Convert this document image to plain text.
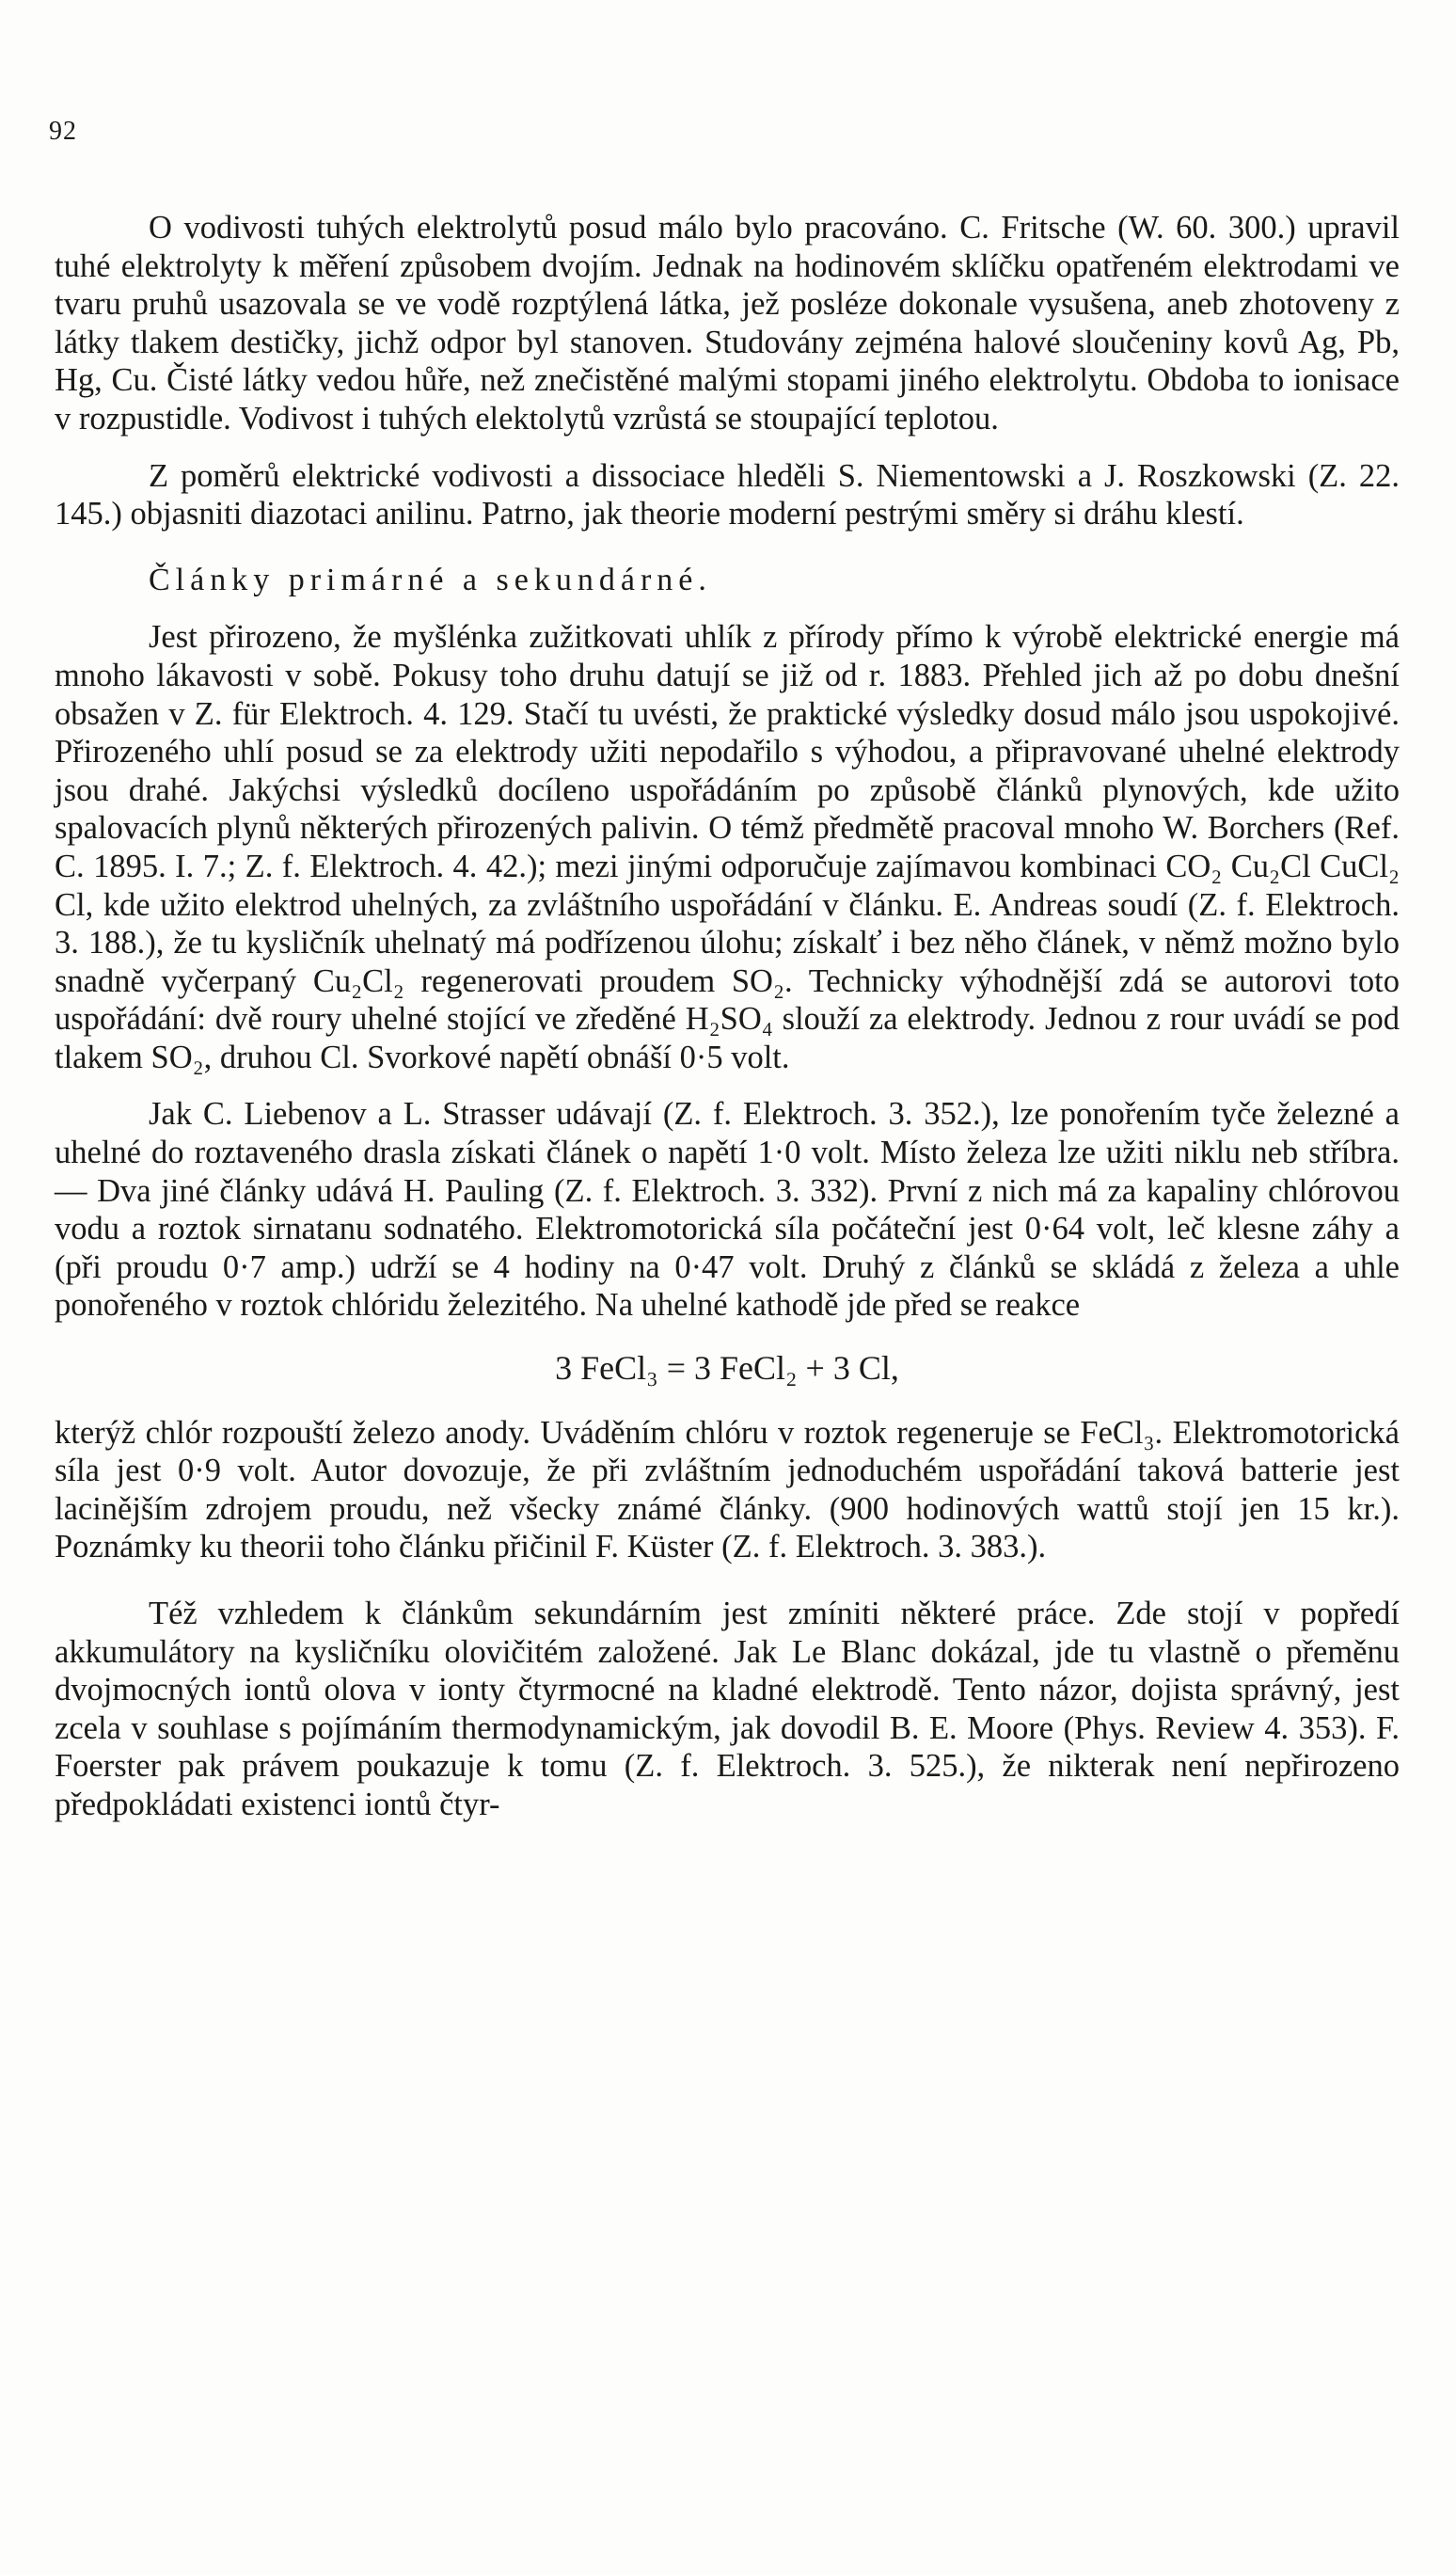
92

O vodivosti tuhých elektrolytů posud málo bylo pracováno. C. Fritsche (W. 60. 300.) upravil tuhé elektrolyty k měření způsobem dvojím. Jednak na hodinovém sklíčku opatřeném elektrodami ve tvaru pruhů usazovala se ve vodě rozptýlená látka, jež posléze dokonale vysušena, aneb zhotoveny z látky tlakem destičky, jichž odpor byl stanoven. Studovány zejména halové sloučeniny kovů Ag, Pb, Hg, Cu. Čisté látky vedou hůře, než znečistěné malými stopami jiného elektrolytu. Obdoba to ionisace v rozpustidle. Vodivost i tuhých elektolytů vzrůstá se stoupající teplotou.

Z poměrů elektrické vodivosti a dissociace hleděli S. Niementowski a J. Roszkowski (Z. 22. 145.) objasniti diazotaci anilinu. Patrno, jak theorie moderní pestrými směry si dráhu klestí.

Články primárné a sekundárné.

Jest přirozeno, že myšlénka zužitkovati uhlík z přírody přímo k výrobě elektrické energie má mnoho lákavosti v sobě. Pokusy toho druhu datují se již od r. 1883. Přehled jich až po dobu dnešní obsažen v Z. für Elektroch. 4. 129. Stačí tu uvésti, že praktické výsledky dosud málo jsou uspokojivé. Přirozeného uhlí posud se za elektrody užiti nepodařilo s výhodou, a připravované uhelné elektrody jsou drahé. Jakýchsi výsledků docíleno uspořádáním po způsobě článků plynových, kde užito spalovacích plynů některých přirozených palivin. O témž předmětě pracoval mnoho W. Borchers (Ref. C. 1895. I. 7.; Z. f. Elektroch. 4. 42.); mezi jinými odporučuje zajímavou kombinaci CO₂ Cu₂Cl CuCl₂ Cl, kde užito elektrod uhelných, za zvláštního uspořádání v článku. E. Andreas soudí (Z. f. Elektroch. 3. 188.), že tu kysličník uhelnatý má podřízenou úlohu; získalť i bez něho článek, v němž možno bylo snadně vyčerpaný Cu₂Cl₂ regenerovati proudem SO₂. Technicky výhodnější zdá se autorovi toto uspořádání: dvě roury uhelné stojící ve zředěné H₂SO₄ slouží za elektrody. Jednou z rour uvádí se pod tlakem SO₂, druhou Cl. Svorkové napětí obnáší 0·5 volt.

Jak C. Liebenov a L. Strasser udávají (Z. f. Elektroch. 3. 352.), lze ponořením tyče železné a uhelné do roztaveného drasla získati článek o napětí 1·0 volt. Místo železa lze užiti niklu neb stříbra. — Dva jiné články udává H. Pauling (Z. f. Elektroch. 3. 332). První z nich má za kapaliny chlórovou vodu a roztok sirnatanu sodnatého. Elektromotorická síla počáteční jest 0·64 volt, leč klesne záhy a (při proudu 0·7 amp.) udrží se 4 hodiny na 0·47 volt. Druhý z článků se skládá z železa a uhle ponořeného v roztok chlóridu železitého. Na uhelné kathodě jde před se reakce

3 FeCl₃ = 3 FeCl₂ + 3 Cl,

kterýž chlór rozpouští železo anody. Uváděním chlóru v roztok regeneruje se FeCl₃. Elektromotorická síla jest 0·9 volt. Autor dovozuje, že při zvláštním jednoduchém uspořádání taková batterie jest lacinějším zdrojem proudu, než všecky známé články. (900 hodinových wattů stojí jen 15 kr.). Poznámky ku theorii toho článku přičinil F. Küster (Z. f. Elektroch. 3. 383.).

Též vzhledem k článkům sekundárním jest zmíniti některé práce. Zde stojí v popředí akkumulátory na kysličníku olovičitém založené. Jak Le Blanc dokázal, jde tu vlastně o přeměnu dvojmocných iontů olova v ionty čtyrmocné na kladné elektrodě. Tento názor, dojista správný, jest zcela v souhlase s pojímáním thermodynamickým, jak dovodil B. E. Moore (Phys. Review 4. 353). F. Foerster pak právem poukazuje k tomu (Z. f. Elektroch. 3. 525.), že nikterak není nepřirozeno předpokládati existenci iontů čtyr-
